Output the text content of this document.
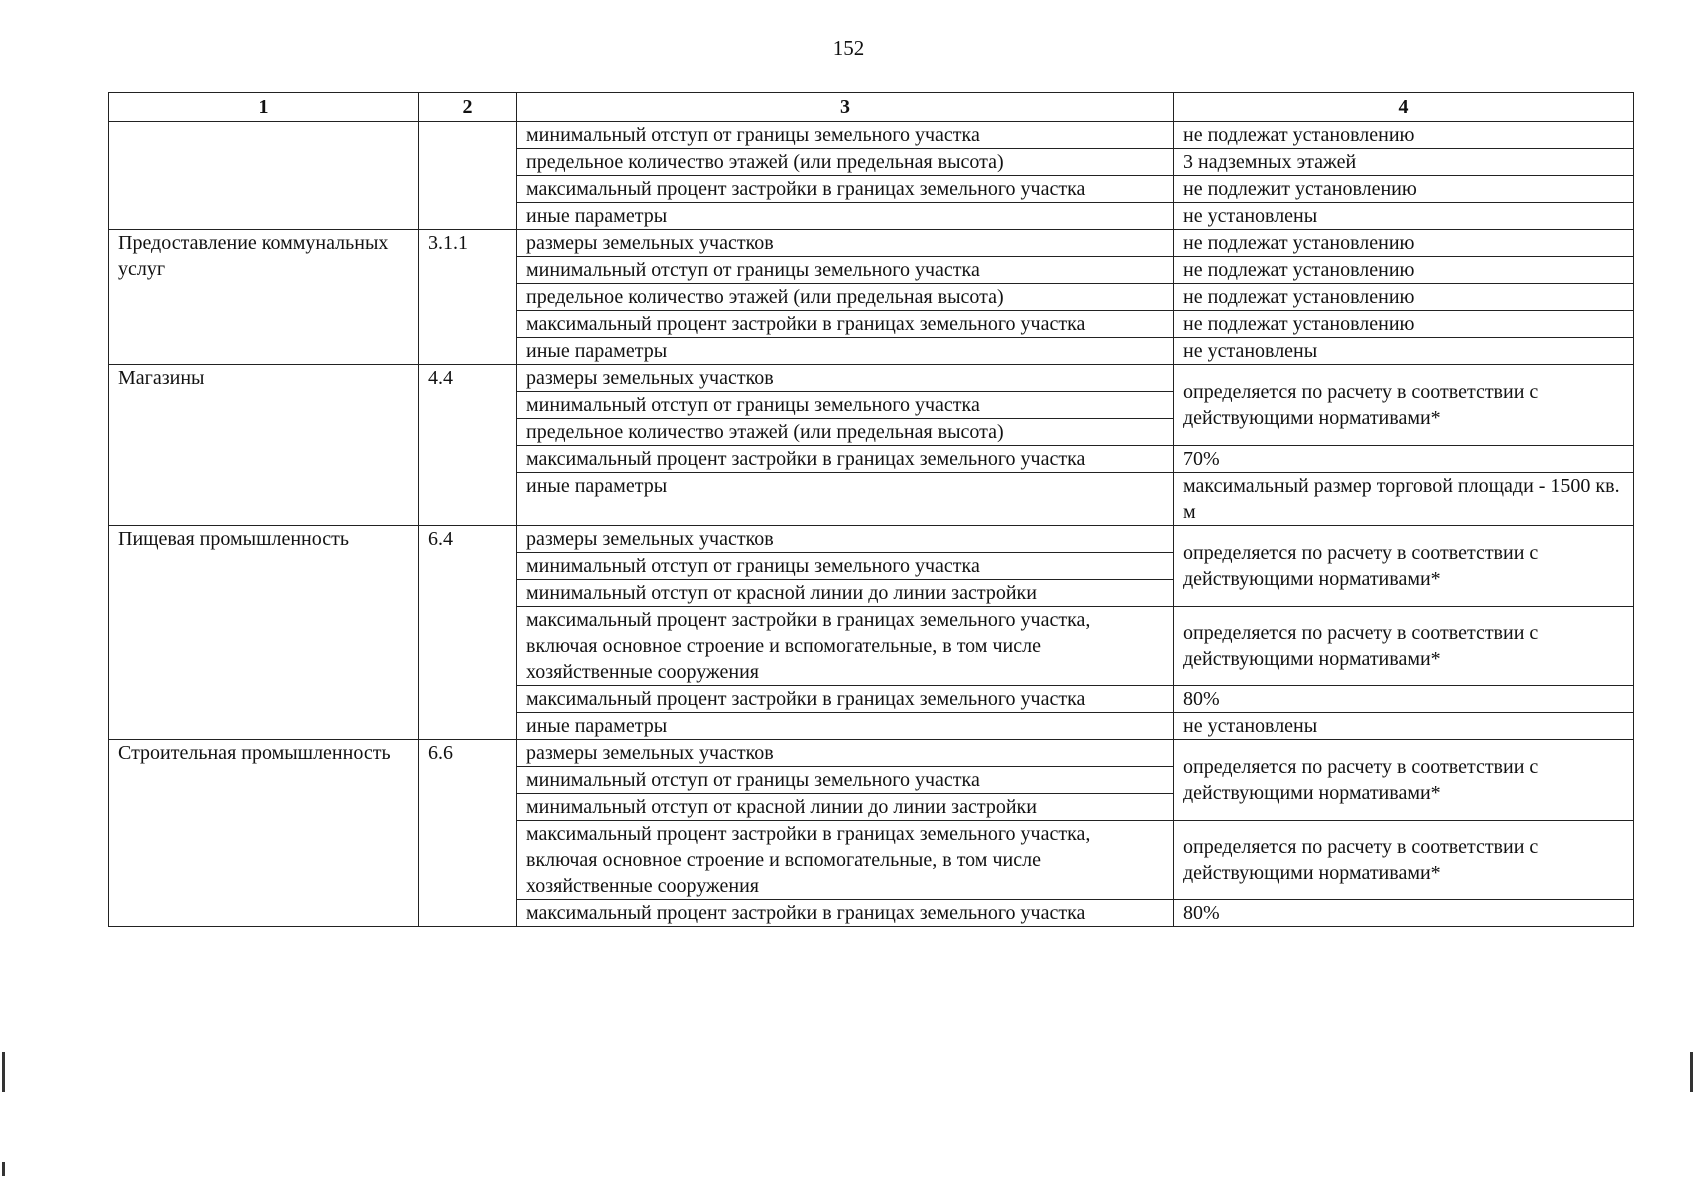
152
1	2	3	4
		минимальный отступ от границы земельного участка	не подлежат установлению
		предельное количество этажей (или предельная высота)	3 надземных этажей
		максимальный процент застройки в границах земельного участка	не подлежит установлению
		иные параметры	не установлены
Предоставление коммунальных услуг	3.1.1	размеры земельных участков	не подлежат установлению
		минимальный отступ от границы земельного участка	не подлежат установлению
		предельное количество этажей (или предельная высота)	не подлежат установлению
		максимальный процент застройки в границах земельного участка	не подлежат установлению
		иные параметры	не установлены
Магазины	4.4	размеры земельных участков	определяется по расчету в соответствии с действующими нормативами*
		минимальный отступ от границы земельного участка	
		предельное количество этажей (или предельная высота)	
		максимальный процент застройки в границах земельного участка	70%
		иные параметры	максимальный размер торговой площади - 1500 кв. м
Пищевая промышленность	6.4	размеры земельных участков	определяется по расчету в соответствии с действующими нормативами*
		минимальный отступ от границы земельного участка	
		минимальный отступ от красной линии до линии застройки	
		максимальный процент застройки в границах земельного участка, включая основное строение и вспомогательные, в том числе хозяйственные сооружения	определяется по расчету в соответствии с действующими нормативами*
		максимальный процент застройки в границах земельного участка	80%
		иные параметры	не установлены
Строительная промышленность	6.6	размеры земельных участков	определяется по расчету в соответствии с действующими нормативами*
		минимальный отступ от границы земельного участка	
		минимальный отступ от красной линии до линии застройки	
		максимальный процент застройки в границах земельного участка, включая основное строение и вспомогательные, в том числе хозяйственные сооружения	определяется по расчету в соответствии с действующими нормативами*
		максимальный процент застройки в границах земельного участка	80%
